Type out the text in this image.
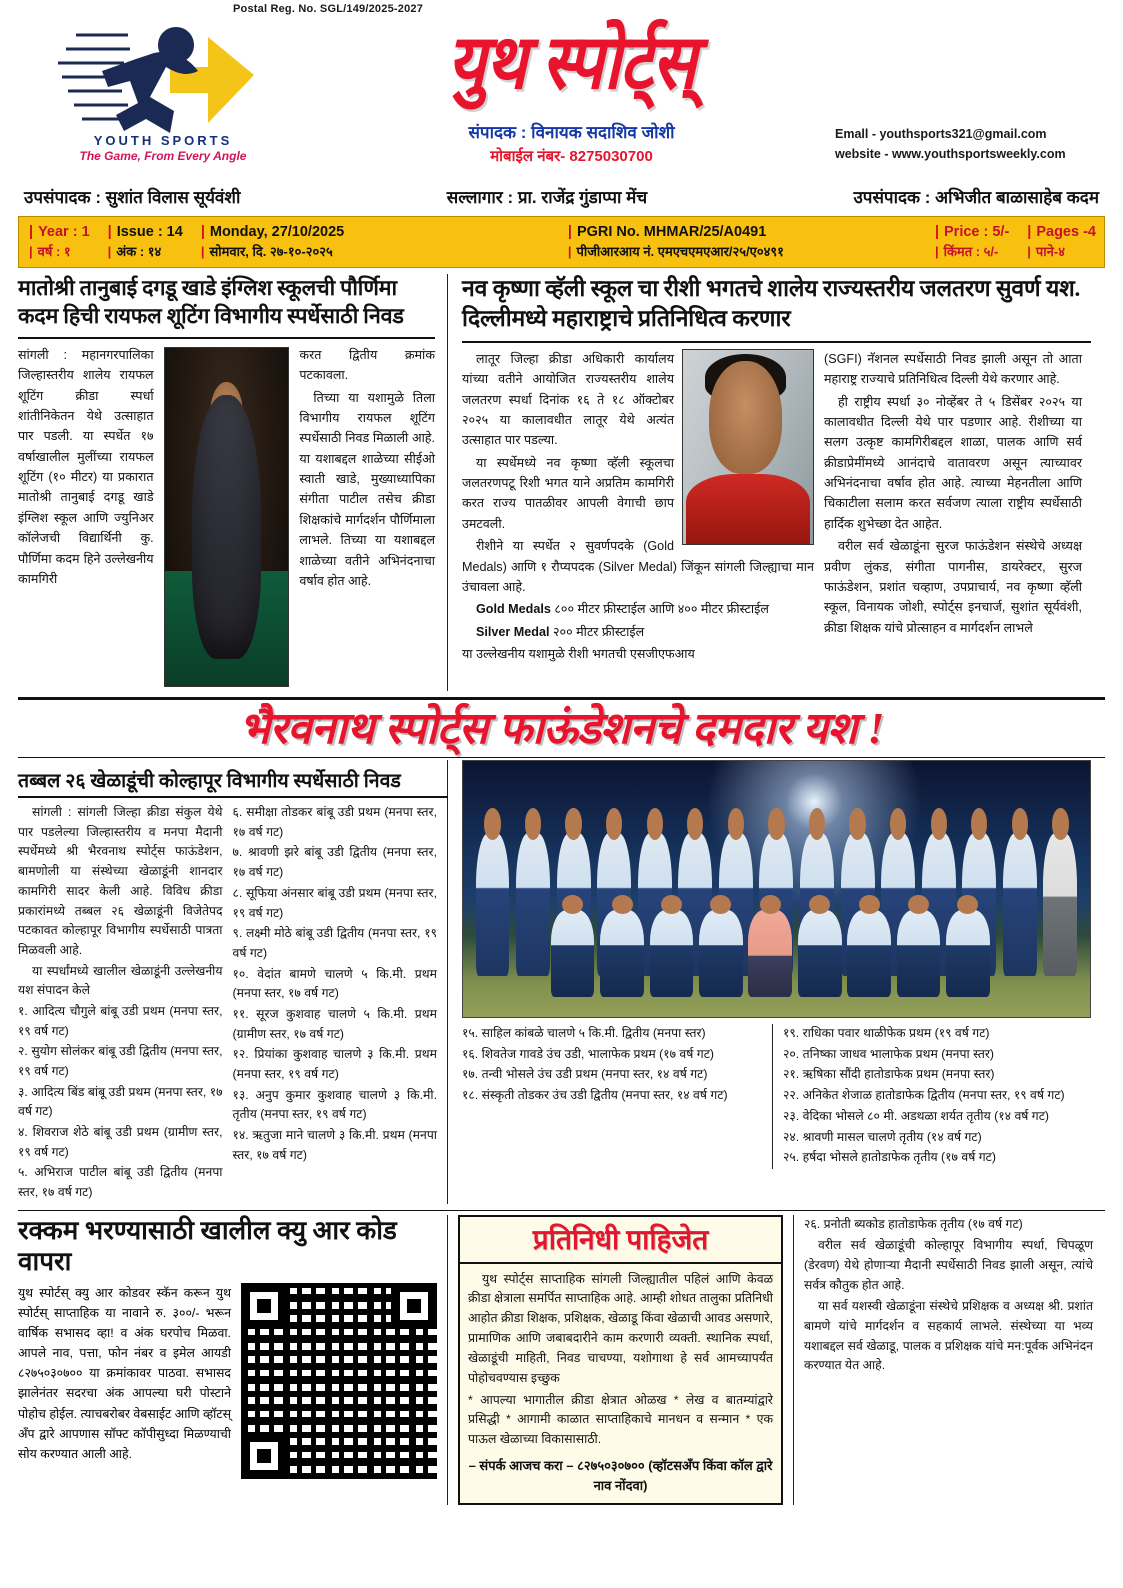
Postal Reg. No. SGL/149/2025-2027
YOUTH SPORTS
The Game, From Every Angle
युथ स्पोर्ट्स्
संपादक : विनायक सदाशिव जोशी
मोबाईल नंबर- 8275030700
Emall - youthsports321@gmail.com
website - www.youthsportsweekly.com
उपसंपादक : सुशांत विलास सूर्यवंशी	सल्लागार : प्रा. राजेंद्र गुंडाप्पा मेंच	उपसंपादक : अभिजीत बाळासाहेब कदम
| Year : 1
| वर्ष : १
| Issue : 14
| अंक : १४
| Monday, 27/10/2025
| सोमवार, दि. २७-१०-२०२५
| PGRI No. MHMAR/25/A0491
| पीजीआरआय नं. एमएचएमएआर/२५/ए०४९१
| Price : 5/-
| किंमत : ५/-
| Pages -4
| पाने-४
मातोश्री तानुबाई दगडू खाडे इंग्लिश स्कूलची पौर्णिमा कदम हिची रायफल शूटिंग विभागीय स्पर्धेसाठी निवड

सांगली : महानगरपालिका जिल्हास्तरीय शालेय रायफल शूटिंग क्रीडा स्पर्धा शांतीनिकेतन येथे उत्साहात पार पडली. या स्पर्धेत १७ वर्षाखालील मुलींच्या रायफल शूटिंग (१० मीटर) या प्रकारात मातोश्री तानुबाई दगडू खाडे इंग्लिश स्कूल आणि ज्युनिअर कॉलेजची विद्यार्थिनी कु. पौर्णिमा कदम हिने उल्लेखनीय कामगिरी

करत द्वितीय क्रमांक पटकावला.

तिच्या या यशामुळे तिला विभागीय रायफल शूटिंग स्पर्धेसाठी निवड मिळाली आहे. या यशाबद्दल शाळेच्या सीईओ स्वाती खाडे, मुख्याध्यापिका संगीता पाटील तसेच क्रीडा शिक्षकांचे मार्गदर्शन पौर्णिमाला लाभले. तिच्या या यशाबद्दल शाळेच्या वतीने अभिनंदनाचा वर्षाव होत आहे.

नव कृष्णा व्हॅली स्कूल चा रीशी भगतचे शालेय राज्यस्तरीय जलतरण सुवर्ण यश. दिल्लीमध्ये महाराष्ट्राचे प्रतिनिधित्व करणार

लातूर जिल्हा क्रीडा अधिकारी कार्यालय यांच्या वतीने आयोजित राज्यस्तरीय शालेय जलतरण स्पर्धा दिनांक १६ ते १८ ऑक्टोबर २०२५ या कालावधीत लातूर येथे अत्यंत उत्साहात पार पडल्या.

या स्पर्धेमध्ये नव कृष्णा व्हॅली स्कूलचा जलतरणपटू रिशी भगत याने अप्रतिम कामगिरी करत राज्य पातळीवर आपली वेगाची छाप उमटवली.

रीशीने या स्पर्धेत २ सुवर्णपदके (Gold Medals) आणि १ रौप्यपदक (Silver Medal) जिंकून सांगली जिल्ह्याचा मान उंचावला आहे.

Gold Medals ८०० मीटर फ्रीस्टाईल आणि ४०० मीटर फ्रीस्टाईल

Silver Medal २०० मीटर फ्रीस्टाईल

या उल्लेखनीय यशामुळे रीशी भगतची एसजीएफआय

(SGFI) नॅशनल स्पर्धेसाठी निवड झाली असून तो आता महाराष्ट्र राज्याचे प्रतिनिधित्व दिल्ली येथे करणार आहे.

ही राष्ट्रीय स्पर्धा ३० नोव्हेंबर ते ५ डिसेंबर २०२५ या कालावधीत दिल्ली येथे पार पडणार आहे. रीशीच्या या सलग उत्कृष्ट कामगिरीबद्दल शाळा, पालक आणि सर्व क्रीडाप्रेमींमध्ये आनंदाचे वातावरण असून त्याच्यावर अभिनंदनाचा वर्षाव होत आहे. त्याच्या मेहनतीला आणि चिकाटीला सलाम करत सर्वजण त्याला राष्ट्रीय स्पर्धेसाठी हार्दिक शुभेच्छा देत आहेत.

वरील सर्व खेळाडूंना सुरज फाऊंडेशन संस्थेचे अध्यक्ष प्रवीण लुंकड, संगीता पागनीस, डायरेक्टर, सुरज फाऊंडेशन, प्रशांत चव्हाण, उपप्राचार्य, नव कृष्णा व्हॅली स्कूल, विनायक जोशी, स्पोर्ट्स इनचार्ज, सुशांत सूर्यवंशी, क्रीडा शिक्षक यांचे प्रोत्साहन व मार्गदर्शन लाभले

भैरवनाथ स्पोर्ट्स फाऊंडेशनचे दमदार यश !
तब्बल २६ खेळाडूंची कोल्हापूर विभागीय स्पर्धेसाठी निवड

सांगली : सांगली जिल्हा क्रीडा संकुल येथे पार पडलेल्या जिल्हास्तरीय व मनपा मैदानी स्पर्धेमध्ये श्री भैरवनाथ स्पोर्ट्स फाऊंडेशन, बामणोली या संस्थेच्या खेळाडूंनी शानदार कामगिरी सादर केली आहे. विविध क्रीडा प्रकारांमध्ये तब्बल २६ खेळाडूंनी विजेतेपद पटकावत कोल्हापूर विभागीय स्पर्धेसाठी पात्रता मिळवली आहे.

या स्पर्धांमध्ये खालील खेळाडूंनी उल्लेखनीय यश संपादन केले

१. आदित्य चौगुले बांबू उडी प्रथम (मनपा स्तर, १९ वर्ष गट)

२. सुयोग सोलंकर बांबू उडी द्वितीय (मनपा स्तर, १९ वर्ष गट)

३. आदित्य बिंड बांबू उडी प्रथम (मनपा स्तर, १७ वर्ष गट)

४. शिवराज शेठे बांबू उडी प्रथम (ग्रामीण स्तर, १९ वर्ष गट)

५. अभिराज पाटील बांबू उडी द्वितीय (मनपा स्तर, १७ वर्ष गट)

६. समीक्षा तोडकर बांबू उडी प्रथम (मनपा स्तर, १७ वर्ष गट)

७. श्रावणी झरे बांबू उडी द्वितीय (मनपा स्तर, १७ वर्ष गट)

८. सूफिया अंनसार बांबू उडी प्रथम (मनपा स्तर, १९ वर्ष गट)

९. लक्ष्मी मोठे बांबू उडी द्वितीय (मनपा स्तर, १९ वर्ष गट)

१०. वेदांत बामणे चालणे ५ कि.मी. प्रथम (मनपा स्तर, १७ वर्ष गट)

११. सूरज कुशवाह चालणे ५ कि.मी. प्रथम (ग्रामीण स्तर, १७ वर्ष गट)

१२. प्रियांका कुशवाह चालणे ३ कि.मी. प्रथम (मनपा स्तर, १९ वर्ष गट)

१३. अनुप कुमार कुशवाह चालणे ३ कि.मी. तृतीय (मनपा स्तर, १९ वर्ष गट)

१४. ऋतुजा माने चालणे ३ कि.मी. प्रथम (मनपा स्तर, १७ वर्ष गट)

१५. साहिल कांबळे चालणे ५ कि.मी. द्वितीय (मनपा स्तर)

१६. शिवतेज गावडे उंच उडी, भालाफेक प्रथम (१७ वर्ष गट)

१७. तन्वी भोसले उंच उडी प्रथम (मनपा स्तर, १४ वर्ष गट)

१८. संस्कृती तोडकर उंच उडी द्वितीय (मनपा स्तर, १४ वर्ष गट)

१९. राधिका पवार थाळीफेक प्रथम (१९ वर्ष गट)

२०. तनिष्का जाधव भालाफेक प्रथम (मनपा स्तर)

२१. ऋषिका सौंदी हातोडाफेक प्रथम (मनपा स्तर)

२२. अनिकेत शेजाळ हातोडाफेक द्वितीय (मनपा स्तर, १९ वर्ष गट)

२३. वेदिका भोसले ८० मी. अडथळा शर्यत तृतीय (१४ वर्ष गट)

२४. श्रावणी मासल चालणे तृतीय (१४ वर्ष गट)

२५. हर्षदा भोसले हातोडाफेक तृतीय (१७ वर्ष गट)

रक्कम भरण्यासाठी खालील क्यु आर कोड वापरा
युथ स्पोर्टस् क्यु आर कोडवर स्कॅन करून युथ स्पोर्टस् साप्ताहिक या नावाने रु. ३००/- भरून वार्षिक सभासद व्हा! व अंक घरपोच मिळवा. आपले नाव, पत्ता, फोन नंबर व इमेल आयडी ८२७५०३०७०० या क्रमांकावर पाठवा. सभासद झालेनंतर सदरचा अंक आपल्या घरी पोस्टाने पोहोच होईल. त्याचबरोबर वेबसाईट आणि व्हॉटस् अँप द्वारे आपणास सॉफ्ट कॉपीसुध्दा मिळण्याची सोय करण्यात आली आहे.
प्रतिनिधी पाहिजेत

युथ स्पोर्ट्स साप्ताहिक सांगली जिल्ह्यातील पहिलं आणि केवळ क्रीडा क्षेत्राला समर्पित साप्ताहिक आहे. आम्ही शोधत तालुका प्रतिनिधी आहोत क्रीडा शिक्षक, प्रशिक्षक, खेळाडू किंवा खेळाची आवड असणारे, प्रामाणिक आणि जबाबदारीने काम करणारी व्यक्ती. स्थानिक स्पर्धा, खेळाडूंची माहिती, निवड चाचण्या, यशोगाथा हे सर्व आमच्यापर्यंत पोहोचवण्यास इच्छुक

* आपल्या भागातील क्रीडा क्षेत्रात ओळख * लेख व बातम्यांद्वारे प्रसिद्धी * आगामी काळात साप्ताहिकाचे मानधन व सन्मान * एक पाऊल खेळाच्या विकासासाठी.

– संपर्क आजच करा – ८२७५०३०७०० (व्हॉटसअँप किंवा कॉल द्वारे नाव नोंदवा)

२६. प्रनोती ब्यकोड हातोडाफेक तृतीय (१७ वर्ष गट)

वरील सर्व खेळाडूंची कोल्हापूर विभागीय स्पर्धा, चिपळूण (डेरवण) येथे होणाऱ्या मैदानी स्पर्धेसाठी निवड झाली असून, त्यांचे सर्वत्र कौतुक होत आहे.

या सर्व यशस्वी खेळाडूंना संस्थेचे प्रशिक्षक व अध्यक्ष श्री. प्रशांत बामणे यांचे मार्गदर्शन व सहकार्य लाभले. संस्थेच्या या भव्य यशाबद्दल सर्व खेळाडू, पालक व प्रशिक्षक यांचे मन:पूर्वक अभिनंदन करण्यात येत आहे.
